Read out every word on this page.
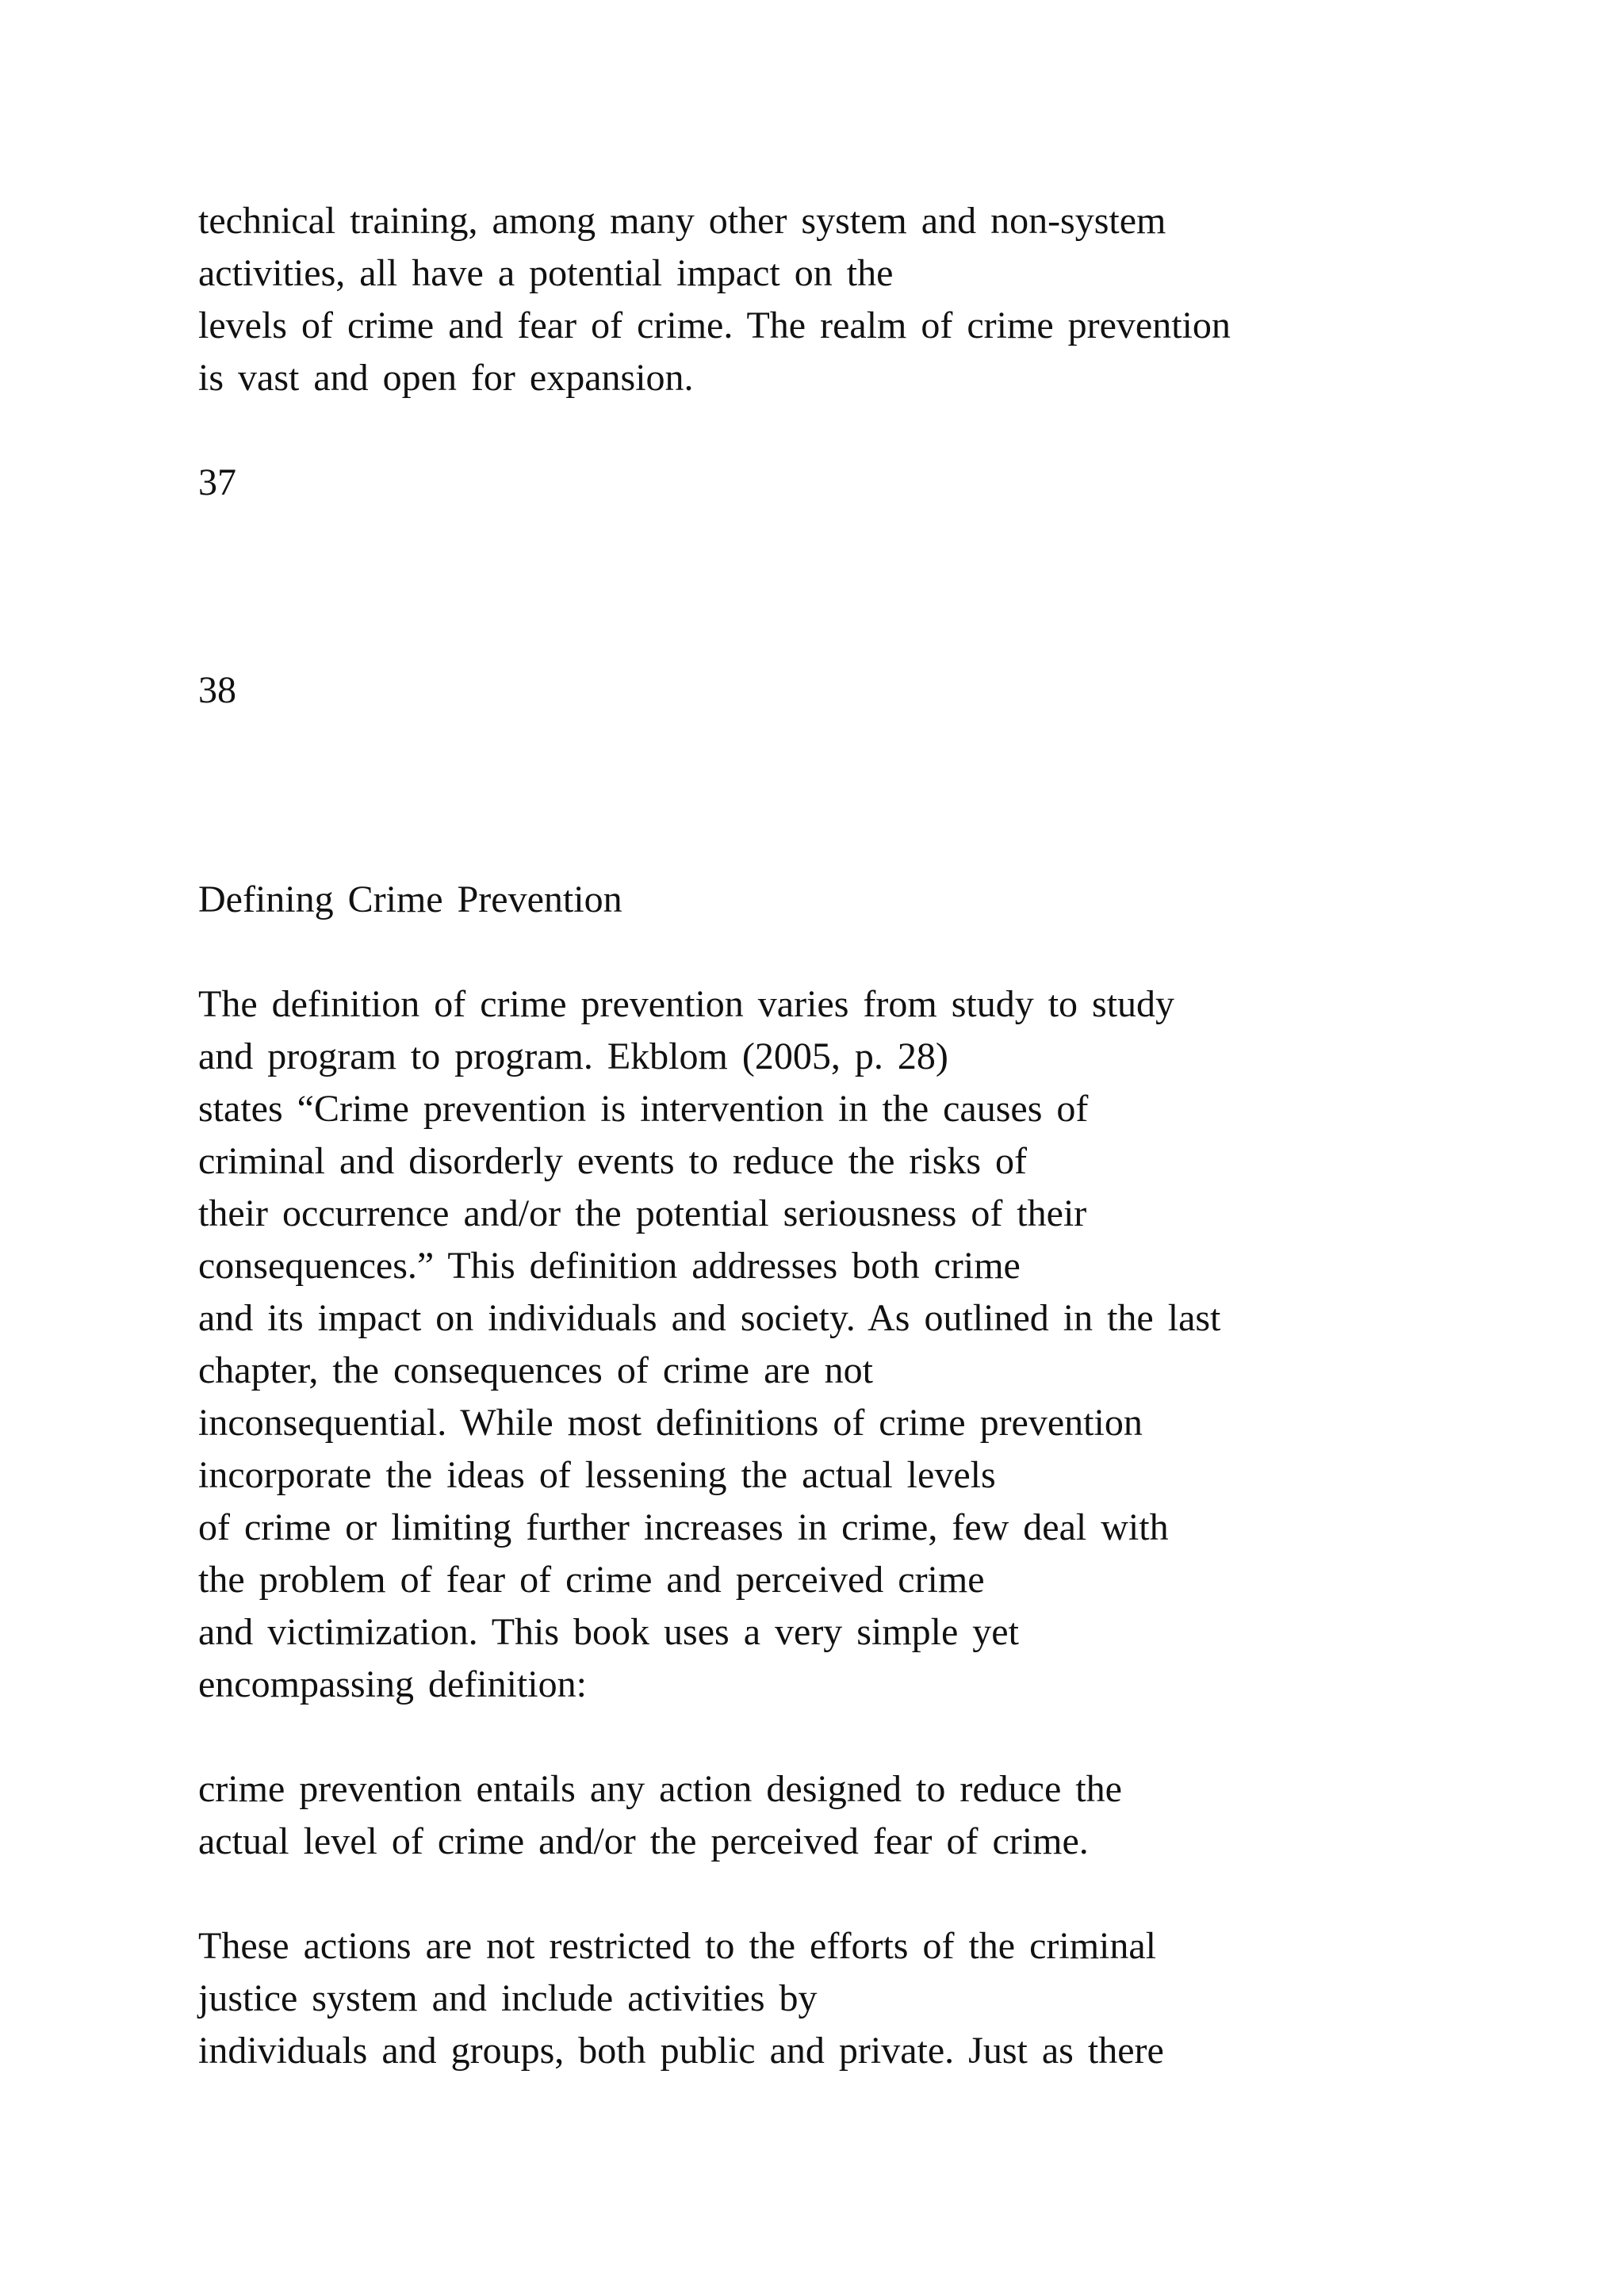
technical training, among many other system and non-system
activities, all have a potential impact on the
levels of crime and fear of crime. The realm of crime prevention
is vast and open for expansion.
37
38
Defining Crime Prevention
The definition of crime prevention varies from study to study
and program to program. Ekblom (2005, p. 28)
states “Crime prevention is intervention in the causes of
criminal and disorderly events to reduce the risks of
their occurrence and/or the potential seriousness of their
consequences.” This definition addresses both crime
and its impact on individuals and society. As outlined in the last
chapter, the consequences of crime are not
inconsequential. While most definitions of crime prevention
incorporate the ideas of lessening the actual levels
of crime or limiting further increases in crime, few deal with
the problem of fear of crime and perceived crime
and victimization. This book uses a very simple yet
encompassing definition:
crime prevention entails any action designed to reduce the
actual level of crime and/or the perceived fear of crime.
These actions are not restricted to the efforts of the criminal
justice system and include activities by
individuals and groups, both public and private. Just as there
